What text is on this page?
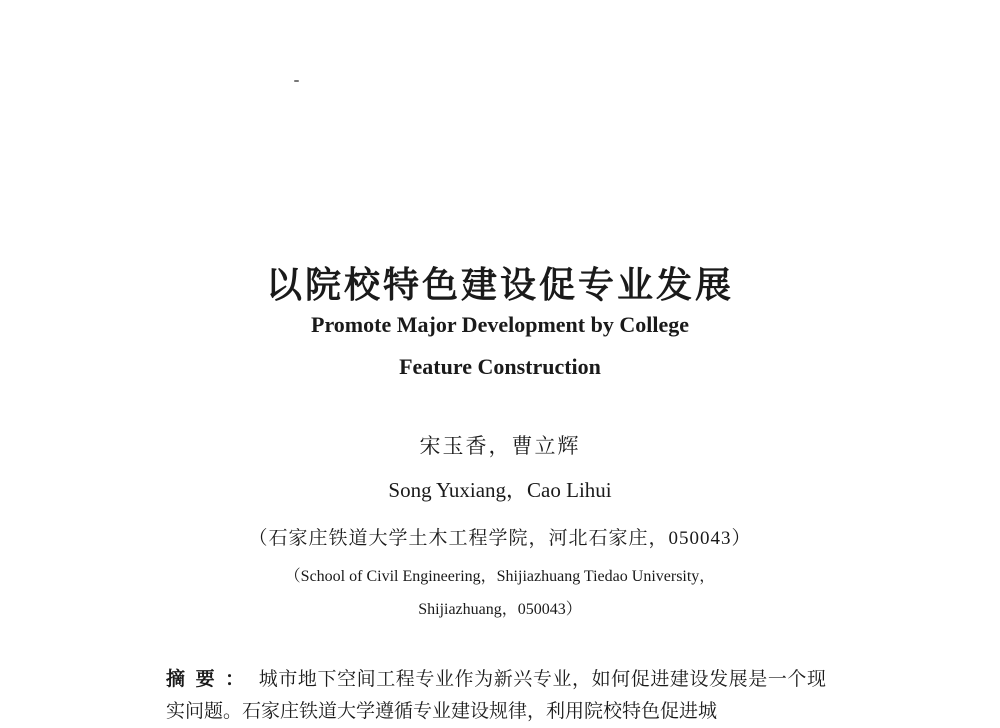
以院校特色建设促专业发展
Promote Major Development by College
Feature Construction
宋玉香，曹立辉
Song Yuxiang，Cao Lihui
（石家庄铁道大学土木工程学院，河北石家庄，050043）
（School of Civil Engineering，Shijiazhuang Tiedao University，
Shijiazhuang，050043）
摘要： 城市地下空间工程专业作为新兴专业，如何促进建设发展是一个现实问题。石家庄铁道大学遵循专业建设规律，利用院校特色促进城
